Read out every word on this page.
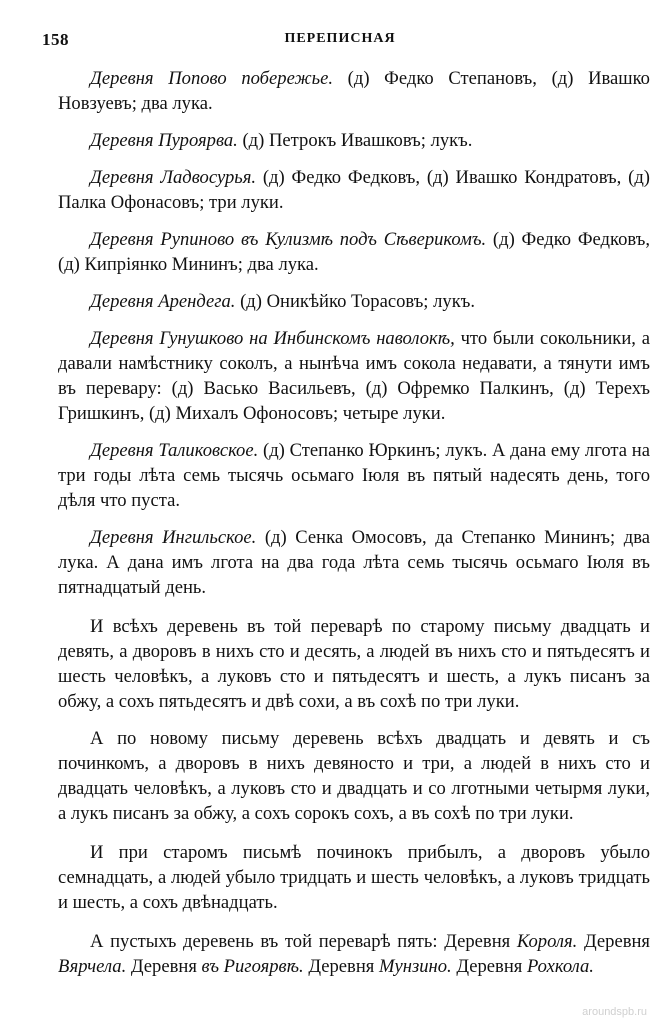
158	ПЕРЕПИСНАЯ

Деревня Попово побережье. (д) Федко Степановъ, (д) Ивашко Новзуевъ; два лука.

Деревня Пуроярва. (д) Петрокъ Ивашковъ; лукъ.

Деревня Ладвосурья. (д) Федко Федковъ, (д) Ивашко Кондратовъ, (д) Палка Офонасовъ; три луки.

Деревня Рупиново въ Кулизмѣ подъ Сѣверикомъ. (д) Федко Федковъ, (д) Кипріянко Мининъ; два лука.

Деревня Арендега. (д) Оникѣйко Торасовъ; лукъ.

Деревня Гунушково на Инбинскомъ наволокѣ, что были сокольники, а давали намѣстнику соколъ, а нынѣча имъ сокола недавати, а тянути имъ въ перевару: (д) Васько Васильевъ, (д) Офремко Палкинъ, (д) Терехъ Гришкинъ, (д) Михалъ Офоносовъ; четыре луки.

Деревня Таликовское. (д) Степанко Юркинъ; лукъ. А дана ему лгота на три годы лѣта семь тысячь осьмаго Іюля въ пятый надесять день, того дѣля что пуста.

Деревня Ингильское. (д) Сенка Омосовъ, да Степанко Мининъ; два лука. А дана имъ лгота на два года лѣта семь тысячь осьмаго Іюля въ пятнадцатый день.

И всѣхъ деревень въ той переварѣ по старому письму двадцать и девять, а дворовъ в нихъ сто и десять, а людей въ нихъ сто и пятьдесятъ и шесть человѣкъ, а луковъ сто и пятьдесятъ и шесть, а лукъ писанъ за обжу, а сохъ пятьдесятъ и двѣ сохи, а въ сохѣ по три луки.

А по новому письму деревень всѣхъ двадцать и девять и съ починкомъ, а дворовъ в нихъ девяносто и три, а людей в нихъ сто и двадцать человѣкъ, а луковъ сто и двадцать и со лготными четырмя луки, а лукъ писанъ за обжу, а сохъ сорокъ сохъ, а въ сохѣ по три луки.

И при старомъ письмѣ починокъ прибылъ, а дворовъ убыло семнадцать, а людей убыло тридцать и шесть человѣкъ, а луковъ тридцать и шесть, а сохъ двѣнадцать.

А пустыхъ деревень въ той переварѣ пять: Деревня Короля. Деревня Вярчела. Деревня въ Ригоярвѣ. Деревня Мунзино. Деревня Рохкола.

aroundspb.ru
